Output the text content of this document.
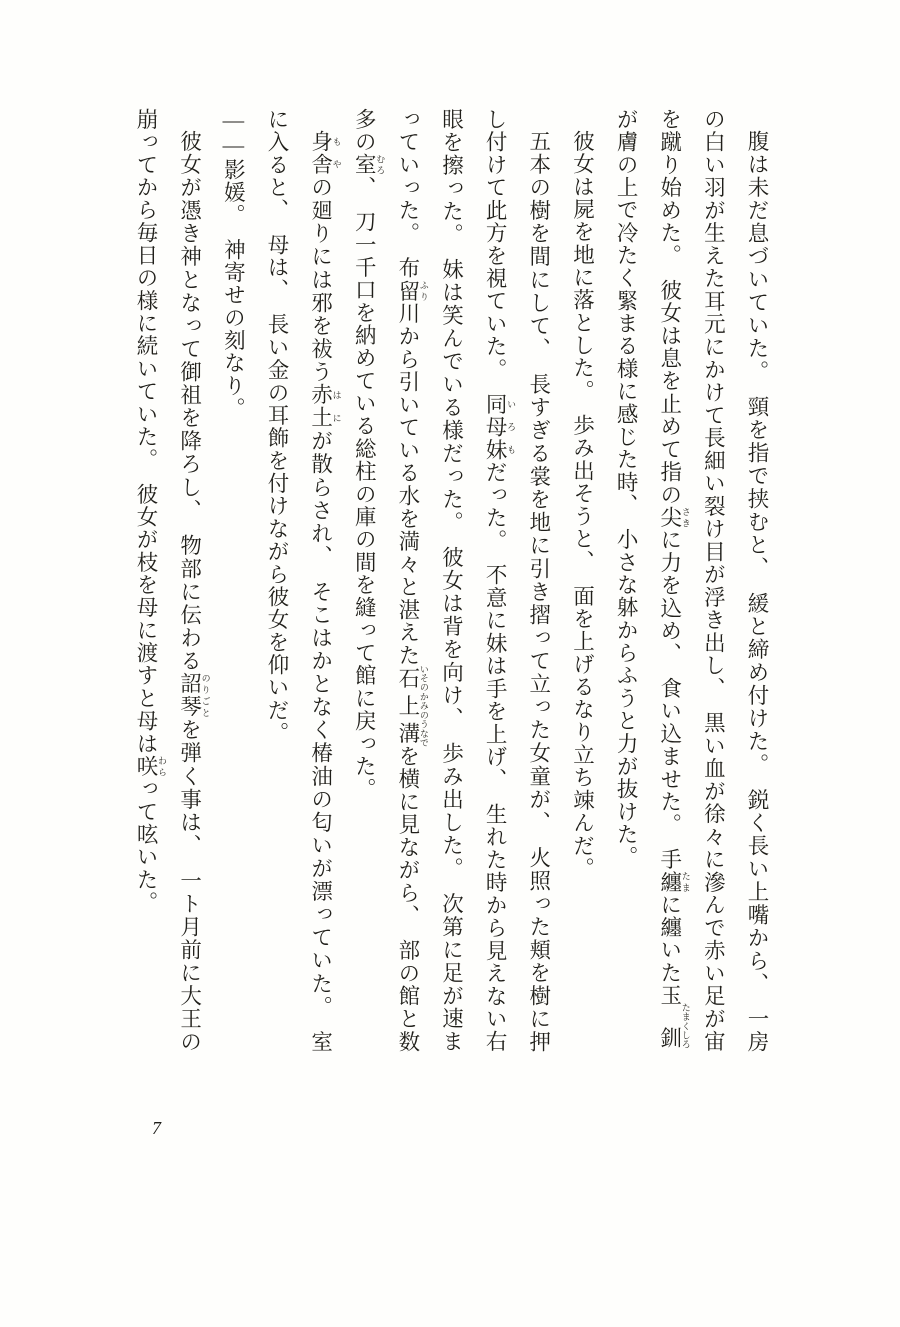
腹は未だ息づいていた。　頸を指で挟むと、　緩と締め付けた。　鋭く長い上嘴から、　一房の白い羽が生えた耳元にかけて長細い裂け目が浮き出し、　黒い血が徐々に滲んで赤い足が宙を蹴り始めた。　彼女は息を止めて指の尖 さきに力を込め、　食い込ませた。　手纏 たまに纏いた玉釧 たまくしろが膚の上で冷たく緊まる様に感じた時、　小さな躰からふうと力が抜けた。

彼女は屍を地に落とした。　歩み出そうと、　面を上げるなり立ち竦んだ。

五本の樹を間にして、　長すぎる裳を地に引き摺って立った女童が、　火照った頬を樹に押し付けて此方を視ていた。　同母妹 いろもだった。　不意に妹は手を上げ、　生れた時から見えない右眼を擦った。　妹は笑んでいる様だった。　彼女は背を向け、　歩み出した。　次第に足が速まっていった。　布留 ふり川から引いている水を満々と湛えた石上溝 いそのかみのうなでを横に見ながら、　部の館と数多の室 むろ、　刀一千口を納めている総柱の庫の間を縫って館に戻った。

身舎 もやの廻りには邪を祓う赤土 はにが散らされ、　そこはかとなく椿油の匂いが漂っていた。　室に入ると、　母は、　長い金の耳飾を付けながら彼女を仰いだ。

——影媛。　神寄せの刻なり。

彼女が憑き神となって御祖を降ろし、　物部に伝わる詔琴 のりごとを弾く事は、　一ト月前に大王の崩ってから毎日の様に続いていた。　彼女が枝を母に渡すと母は咲 わらって呟いた。

7
